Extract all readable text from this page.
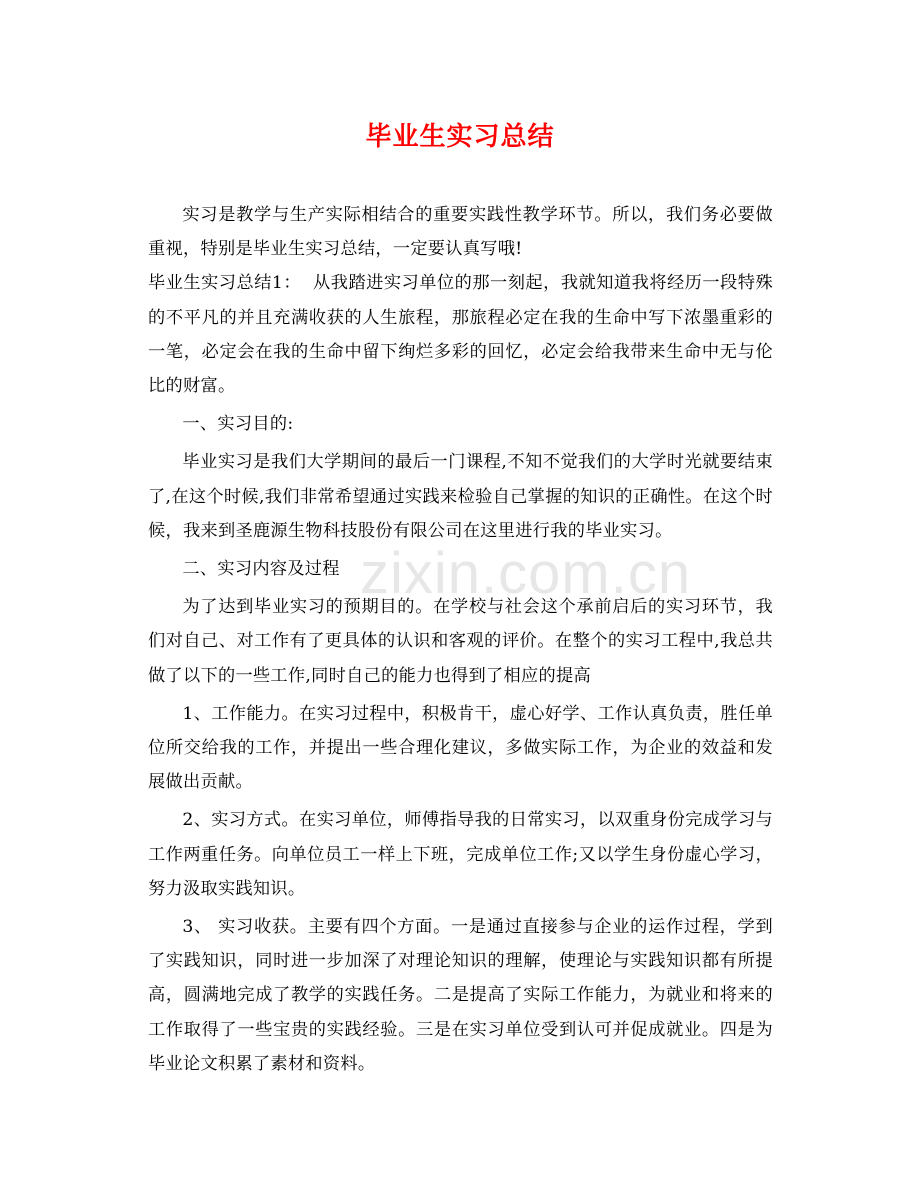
毕业生实习总结
zixin.com.cn

实习是教学与生产实际相结合的重要实践性教学环节。所以，我们务必要做重视，特别是毕业生实习总结，一定要认真写哦!

毕业生实习总结1： 从我踏进实习单位的那一刻起，我就知道我将经历一段特殊的不平凡的并且充满收获的人生旅程，那旅程必定在我的生命中写下浓墨重彩的一笔，必定会在我的生命中留下绚烂多彩的回忆，必定会给我带来生命中无与伦比的财富。

一、实习目的:

毕业实习是我们大学期间的最后一门课程,不知不觉我们的大学时光就要结束了,在这个时候,我们非常希望通过实践来检验自己掌握的知识的正确性。在这个时候，我来到圣鹿源生物科技股份有限公司在这里进行我的毕业实习。

二、实习内容及过程

为了达到毕业实习的预期目的。在学校与社会这个承前启后的实习环节，我们对自己、对工作有了更具体的认识和客观的评价。在整个的实习工程中,我总共做了以下的一些工作,同时自己的能力也得到了相应的提高

1、工作能力。在实习过程中，积极肯干，虚心好学、工作认真负责，胜任单位所交给我的工作，并提出一些合理化建议，多做实际工作，为企业的效益和发展做出贡献。

2、实习方式。在实习单位，师傅指导我的日常实习，以双重身份完成学习与工作两重任务。向单位员工一样上下班，完成单位工作;又以学生身份虚心学习，努力汲取实践知识。

3、 实习收获。主要有四个方面。一是通过直接参与企业的运作过程，学到了实践知识，同时进一步加深了对理论知识的理解，使理论与实践知识都有所提高，圆满地完成了教学的实践任务。二是提高了实际工作能力，为就业和将来的工作取得了一些宝贵的实践经验。三是在实习单位受到认可并促成就业。四是为毕业论文积累了素材和资料。
